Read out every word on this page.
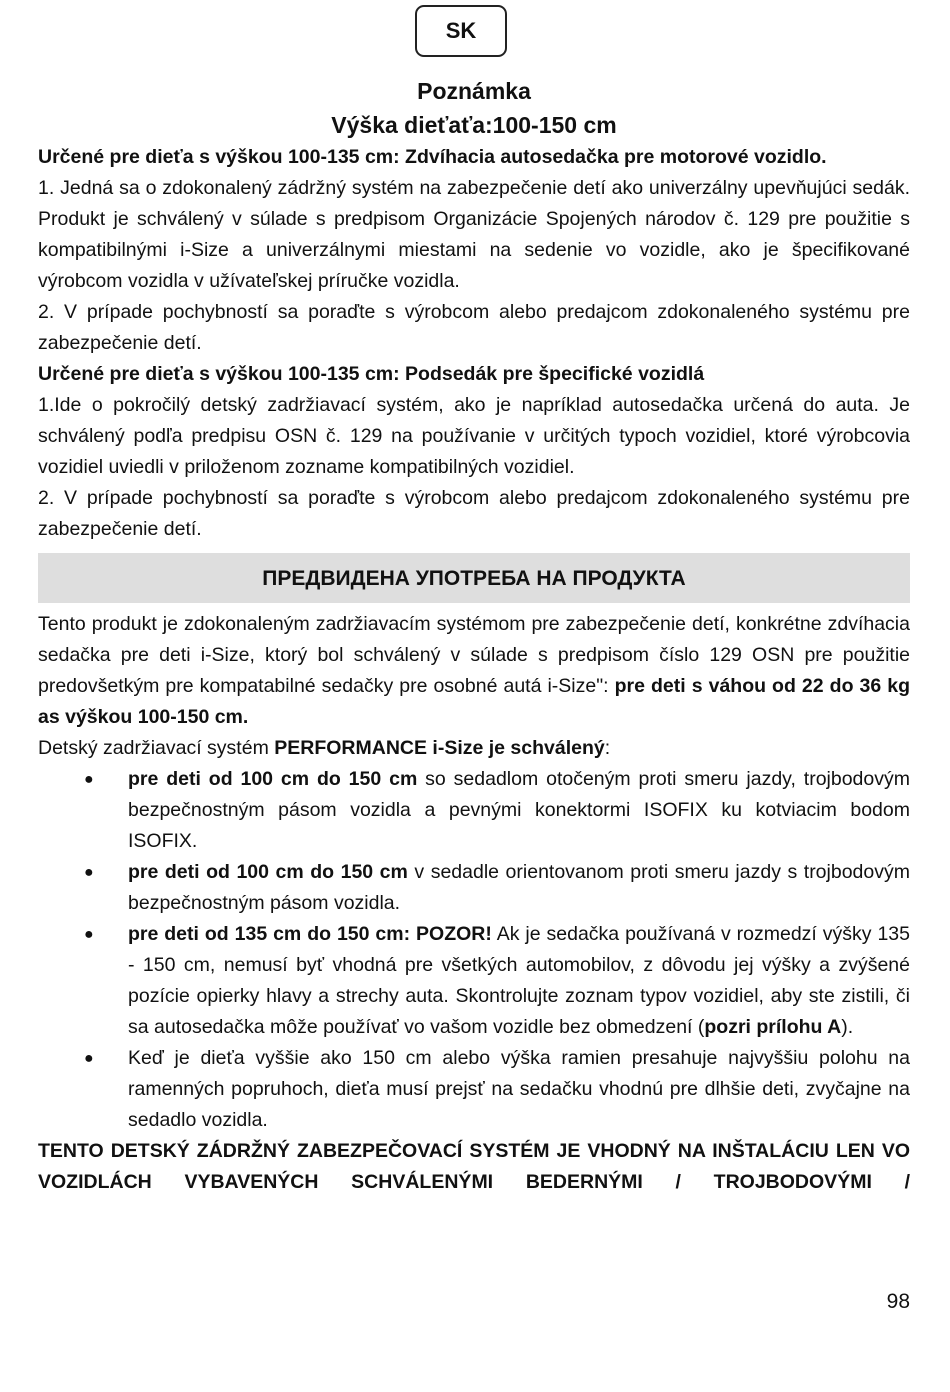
SK

Poznámka

Výška dieťaťa:100-150 cm

Určené pre dieťa s výškou 100-135 cm: Zdvíhacia autosedačka pre motorové vozidlo.

1. Jedná sa o zdokonalený zádržný systém na zabezpečenie detí ako univerzálny upevňujúci sedák. Produkt je schválený v súlade s predpisom Organizácie Spojených národov č. 129 pre použitie s kompatibilnými i-Size a univerzálnymi miestami na sedenie vo vozidle, ako je špecifikované výrobcom vozidla v užívateľskej príručke vozidla.

2. V prípade pochybností sa poraďte s výrobcom alebo predajcom zdokonaleného systému pre zabezpečenie detí.

Určené pre dieťa s výškou 100-135 cm: Podsedák pre špecifické vozidlá

1.Ide o pokročilý detský zadržiavací systém, ako je napríklad autosedačka určená do auta. Je schválený podľa predpisu OSN č. 129 na používanie v určitých typoch vozidiel, ktoré výrobcovia vozidiel uviedli v priloženom zozname kompatibilných vozidiel.

2. V prípade pochybností sa poraďte s výrobcom alebo predajcom zdokonaleného systému pre zabezpečenie detí.

ПРЕДВИДЕНА УПОТРЕБА НА ПРОДУКТА

Tento produkt je zdokonaleným zadržiavacím systémom pre zabezpečenie detí, konkrétne zdvíhacia sedačka pre deti i-Size, ktorý bol schválený v súlade s predpisom číslo 129 OSN pre použitie predovšetkým pre kompatabilné sedačky pre osobné autá i-Size": pre deti s váhou od 22 do 36 kg as výškou 100-150 cm.

Detský zadržiavací systém PERFORMANCE i-Size je schválený:

● pre deti od 100 cm do 150 cm so sedadlom otočeným proti smeru jazdy, trojbodovým bezpečnostným pásom vozidla a pevnými konektormi ISOFIX ku kotviacim bodom ISOFIX.
● pre deti od 100 cm do 150 cm v sedadle orientovanom proti smeru jazdy s trojbodovým bezpečnostným pásom vozidla.
● pre deti od 135 cm do 150 cm: POZOR! Ak je sedačka používaná v rozmedzí výšky 135 - 150 cm, nemusí byť vhodná pre všetkých automobilov, z dôvodu jej výšky a zvýšené pozície opierky hlavy a strechy auta. Skontrolujte zoznam typov vozidiel, aby ste zistili, či sa autosedačka môže používať vo vašom vozidle bez obmedzení (pozri prílohu A).
● Keď je dieťa vyššie ako 150 cm alebo výška ramien presahuje najvyššiu polohu na ramenných popruhoch, dieťa musí prejsť na sedačku vhodnú pre dlhšie deti, zvyčajne na sedadlo vozidla.

TENTO DETSKÝ ZÁDRŽNÝ ZABEZPEČOVACÍ SYSTÉM JE VHODNÝ NA INŠTALÁCIU LEN VO VOZIDLÁCH VYBAVENÝCH SCHVÁLENÝMI BEDERNÝMI / TROJBODOVÝMI /

98
